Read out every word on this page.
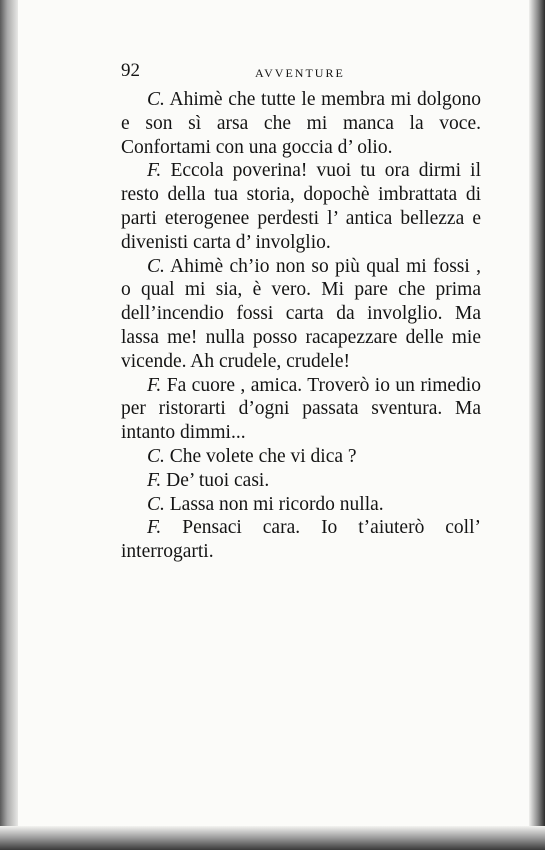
92	AVVENTURE

C. Ahimè che tutte le membra mi dolgono e son sì arsa che mi manca la voce. Confortami con una goccia d’ olio.

F. Eccola poverina! vuoi tu ora dirmi il resto della tua storia, dopochè imbrattata di parti eterogenee perdesti l’ antica bellezza e divenisti carta d’ involglio.

C. Ahimè ch’io non so più qual mi fossi , o qual mi sia, è vero. Mi pare che prima dell’incendio fossi carta da involglio. Ma lassa me! nulla posso racapezzare delle mie vicende. Ah crudele, crudele!

F. Fa cuore , amica. Troverò io un rimedio per ristorarti d’ogni passata sventura. Ma intanto dimmi...

C. Che volete che vi dica ?

F. De’ tuoi casi.

C. Lassa non mi ricordo nulla.

F. Pensaci cara. Io t’aiuterò coll’ interrogarti.
